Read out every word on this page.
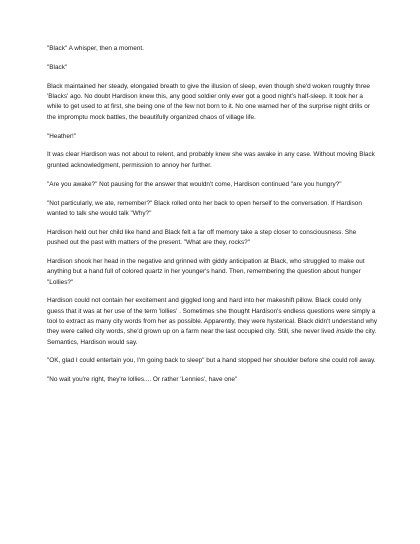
"Black" A whisper, then a moment.

"Black"

Black maintained her steady, elongated breath to give the illusion of sleep, even though she'd woken roughly three 'Blacks' ago. No doubt Hardison knew this, any good soldier only ever got a good night's half-sleep. It took her a while to get used to at first, she being one of the few not born to it. No one warned her of the surprise night drills or the impromptu mock battles, the beautifully organized chaos of village life.

"Heather!"

It was clear Hardison was not about to relent, and probably knew she was awake in any case. Without moving Black grunted acknowledgment, permission to annoy her further.

"Are you awake?" Not pausing for the answer that wouldn't come, Hardison continued "are you hungry?"

"Not particularly, we ate, remember?" Black rolled onto her back to open herself to the conversation. If Hardison wanted to talk she would talk "Why?"

Hardison held out her child like hand and Black felt a far off memory take a step closer to consciousness. She pushed out the past with matters of the present. "What are they, rocks?"

Hardison shook her head in the negative and grinned with giddy anticipation at Black, who struggled to make out anything but a hand full of colored quartz in her younger's hand. Then, remembering the question about hunger "Lollies?"

Hardison could not contain her excitement and giggled long and hard into her makeshift pillow. Black could only guess that it was at her use of the term 'lollies' . Sometimes she thought Hardison's endless questions were simply a tool to extract as many city words from her as possible. Apparently, they were hysterical. Black didn't understand why they were called city words, she'd grown up on a farm near the last occupied city. Still, she never lived inside the city. Semantics, Hardison would say.

"OK, glad I could entertain you, I'm going back to sleep" but a hand stopped her shoulder before she could roll away.

"No wait you're right, they're lollies.... Or rather 'Lennies', have one"
